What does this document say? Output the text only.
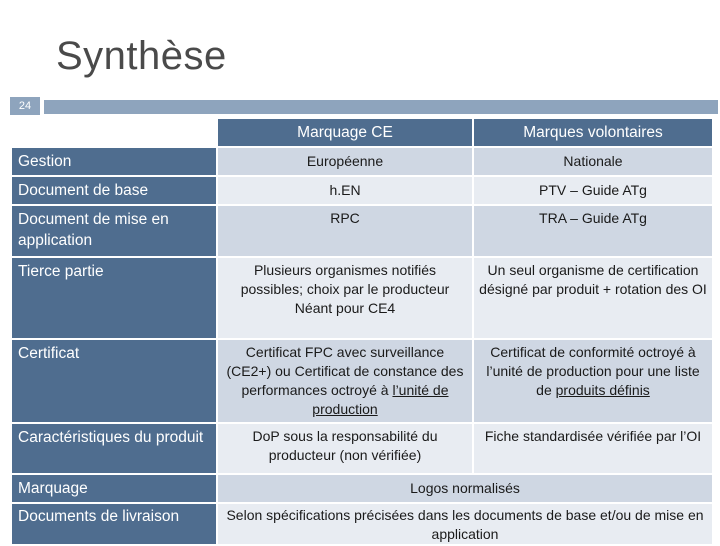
Synthèse
24
	Marquage CE	Marques volontaires
Gestion	Européenne	Nationale
Document de base	h.EN	PTV – Guide ATg
Document de mise en application	RPC	TRA – Guide ATg
Tierce partie	Plusieurs organismes notifiés possibles; choix par le producteur Néant pour CE4	Un seul organisme de certification désigné par produit + rotation des OI
Certificat	Certificat FPC avec surveillance (CE2+) ou Certificat de constance des performances octroyé à l’unité de production	Certificat de conformité octroyé à l’unité de production pour une liste de produits définis
Caractéristiques du produit	DoP sous la responsabilité du producteur (non vérifiée)	Fiche standardisée vérifiée par l’OI
Marquage	Logos normalisés	
Documents de livraison	Selon spécifications précisées dans les documents de base et/ou de mise en application	
